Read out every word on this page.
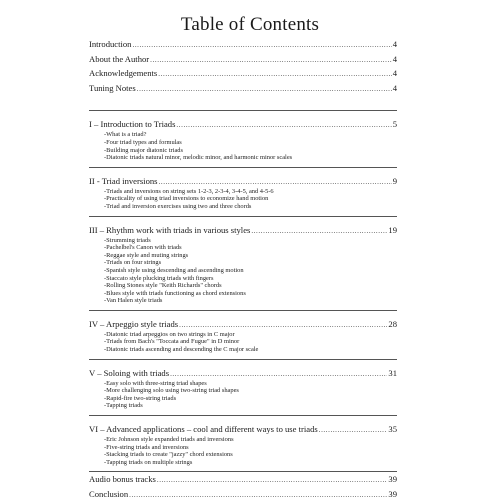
Table of Contents
Introduction .....	4
About the Author .....	4
Acknowledgements .....	4
Tuning Notes .....	4
I – Introduction to Triads .....	5
-What is a triad?
-Four triad types and formulas
-Building major diatonic triads
-Diatonic triads natural minor, melodic minor, and harmonic minor scales
II - Triad inversions .....	9
-Triads and inversions on string sets 1-2-3, 2-3-4, 3-4-5, and 4-5-6
-Practicality of using triad inversions to economize hand motion
-Triad and inversion exercises using two and three chords
III – Rhythm work with triads in various styles .....	19
-Strumming triads
-Pachelbel's Canon with triads
-Reggae style and muting strings
-Triads on four strings
-Spanish style using descending and ascending motion
-Staccato style plucking triads with fingers
-Rolling Stones style "Keith Richards" chords
-Blues style with triads functioning as chord extensions
-Van Halen style triads
IV – Arpeggio style triads .....	28
-Diatonic triad arpeggios on two strings in C major
-Triads from Bach's "Toccata and Fugue" in D minor
-Diatonic triads ascending and descending the C major scale
V – Soloing with triads .....	31
-Easy solo with three-string triad shapes
-More challenging solo using two-string triad shapes
-Rapid-fire two-string triads
-Tapping triads
VI – Advanced applications – cool and different ways to use triads .....	35
-Eric Johnson style expanded triads and inversions
-Five-string triads and inversions
-Stacking triads to create "jazzy" chord extensions
-Tapping triads on multiple strings
Audio bonus tracks .....	39
Conclusion .....	39
